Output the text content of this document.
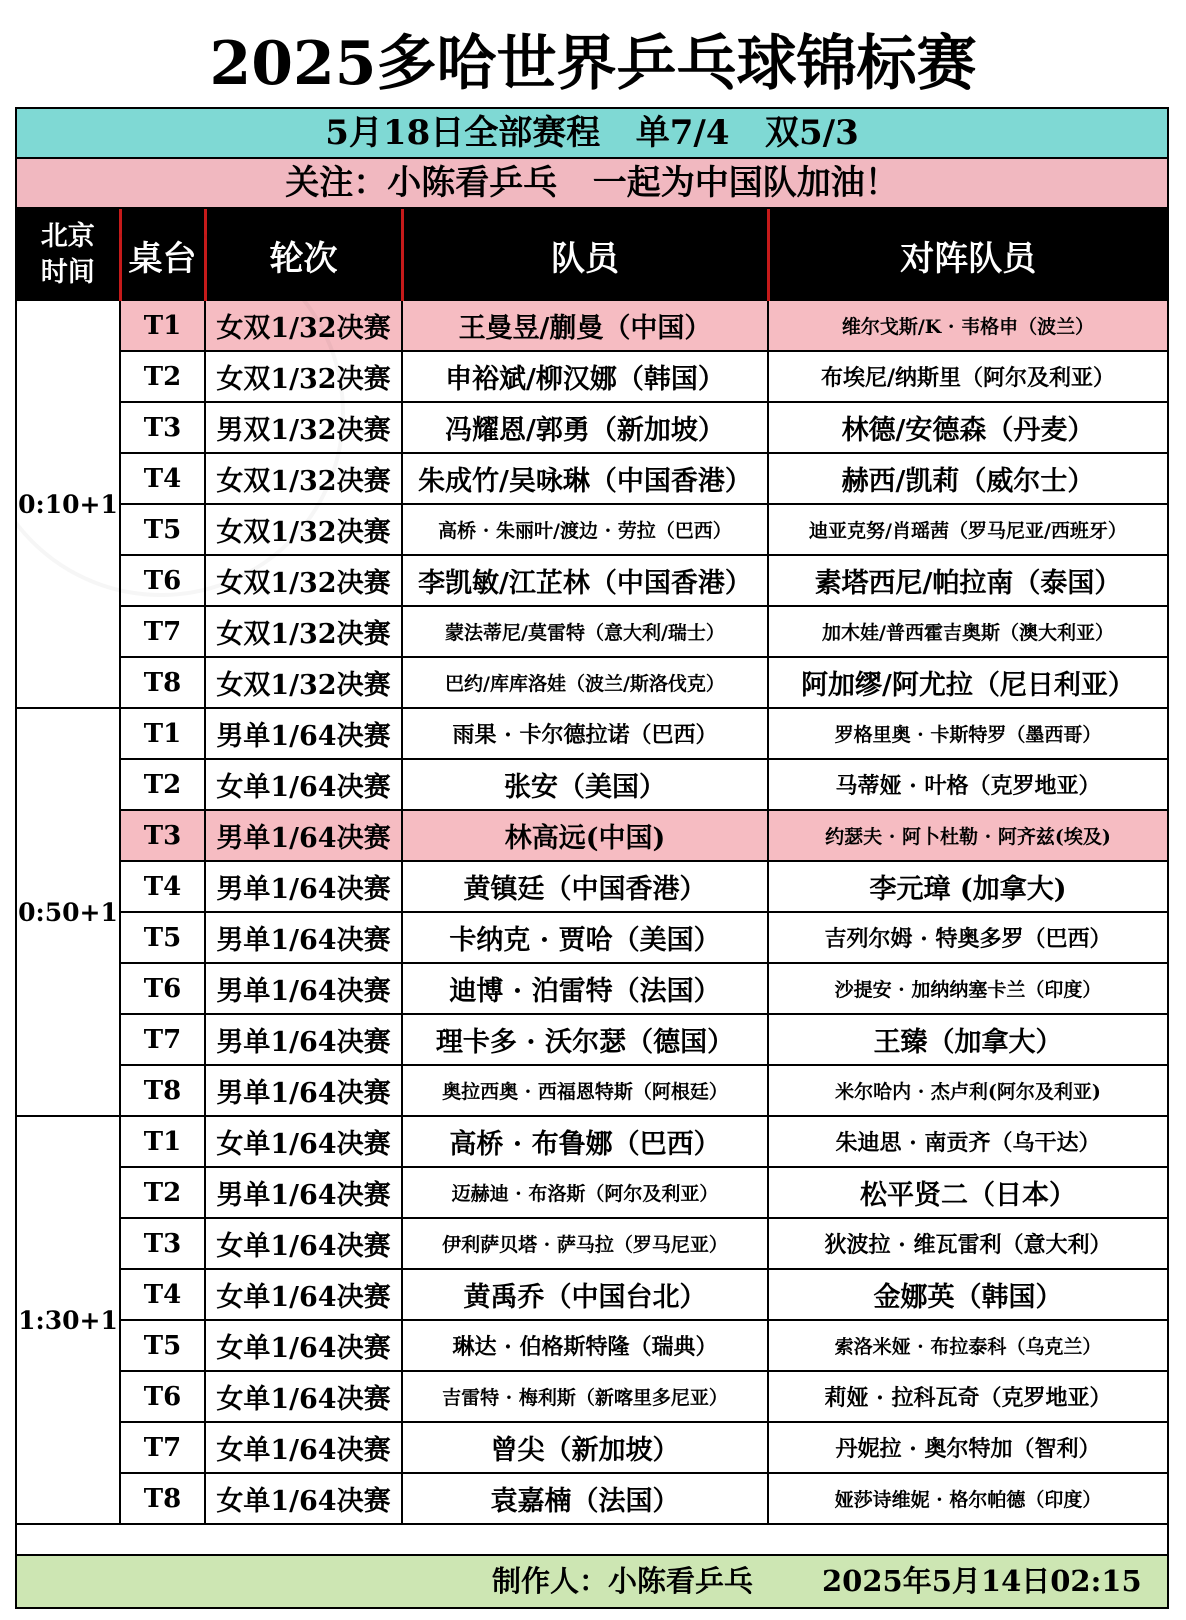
2025多哈世界乒乓球锦标赛
5月18日全部赛程   单7/4   双5/3
关注：小陈看乒乓   一起为中国队加油！
北京
时间	桌台	轮次	队员	对阵队员
0:10+1	T1	女双1/32决赛	王曼昱/蒯曼（中国）	维尔戈斯/K · 韦格申（波兰）
	T2	女双1/32决赛	申裕斌/柳汉娜（韩国）	布埃尼/纳斯里（阿尔及利亚）
	T3	男双1/32决赛	冯耀恩/郭勇（新加坡）	林德/安德森（丹麦）
	T4	女双1/32决赛	朱成竹/吴咏琳（中国香港）	赫西/凯莉（威尔士）
	T5	女双1/32决赛	高桥 · 朱丽叶/渡边 · 劳拉（巴西）	迪亚克努/肖瑶茜（罗马尼亚/西班牙）
	T6	女双1/32决赛	李凯敏/江芷林（中国香港）	素塔西尼/帕拉南（泰国）
	T7	女双1/32决赛	蒙法蒂尼/莫雷特（意大利/瑞士）	加木娃/普西霍吉奥斯（澳大利亚）
	T8	女双1/32决赛	巴约/库库洛娃（波兰/斯洛伐克）	阿加缪/阿尤拉（尼日利亚）
0:50+1	T1	男单1/64决赛	雨果 · 卡尔德拉诺（巴西）	罗格里奥 · 卡斯特罗（墨西哥）
	T2	女单1/64决赛	张安（美国）	马蒂娅 · 叶格（克罗地亚）
	T3	男单1/64决赛	林高远(中国)	约瑟夫 · 阿卜杜勒 · 阿齐兹(埃及)
	T4	男单1/64决赛	黄镇廷（中国香港）	李元璋 (加拿大)
	T5	男单1/64决赛	卡纳克 · 贾哈（美国）	吉列尔姆 · 特奥多罗（巴西）
	T6	男单1/64决赛	迪博 · 泊雷特（法国）	沙提安 · 加纳纳塞卡兰（印度）
	T7	男单1/64决赛	理卡多 · 沃尔瑟（德国）	王臻（加拿大）
	T8	男单1/64决赛	奥拉西奥 · 西福恩特斯（阿根廷）	米尔哈内 · 杰卢利(阿尔及利亚)
1:30+1	T1	女单1/64决赛	高桥 · 布鲁娜（巴西）	朱迪思 · 南贡齐（乌干达）
	T2	男单1/64决赛	迈赫迪 · 布洛斯（阿尔及利亚）	松平贤二（日本）
	T3	女单1/64决赛	伊利萨贝塔 · 萨马拉（罗马尼亚）	狄波拉 · 维瓦雷利（意大利）
	T4	女单1/64决赛	黄禹乔（中国台北）	金娜英（韩国）
	T5	女单1/64决赛	琳达 · 伯格斯特隆（瑞典）	索洛米娅 · 布拉泰科（乌克兰）
	T6	女单1/64决赛	吉雷特 · 梅利斯（新喀里多尼亚）	莉娅 · 拉科瓦奇（克罗地亚）
	T7	女单1/64决赛	曾尖（新加坡）	丹妮拉 · 奥尔特加（智利）
	T8	女单1/64决赛	袁嘉楠（法国）	娅莎诗维妮 · 格尔帕德（印度）
制作人：小陈看乒乓 2025年5月14日02:15
